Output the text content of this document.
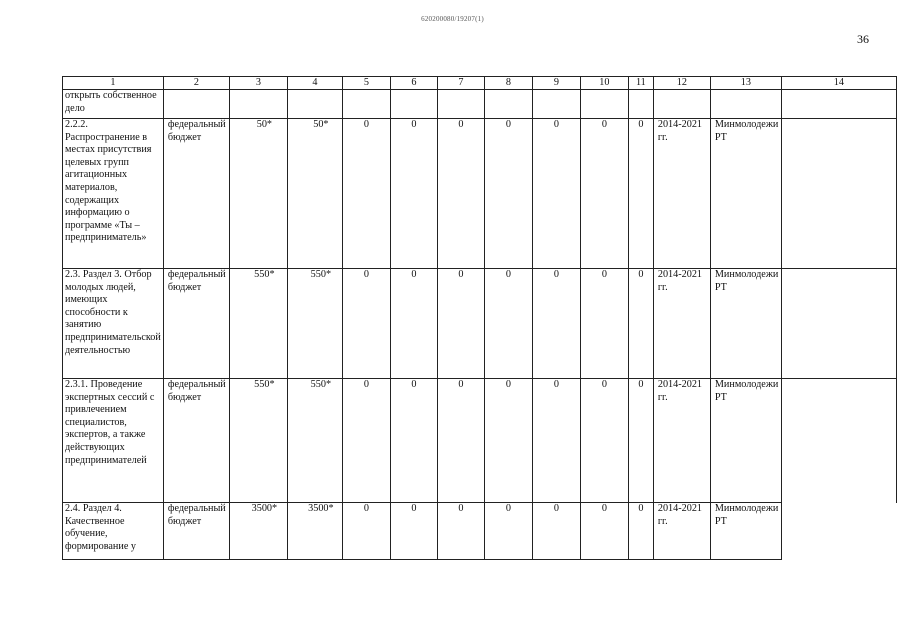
620200080/19207(1)
36
1	2	3	4	5	6	7	8	9	10	11	12	13	14
открыть собственное дело													
2.2.2. Распространение в местах присутствия целевых групп агитационных материалов, содержащих информацию о программе «Ты – предприниматель»	федеральный бюджет	50*	50*	0	0	0	0	0	0	0	2014-2021 гг.	Минмолодежи РТ	
2.3. Раздел 3. Отбор молодых людей, имеющих способности к занятию предпринимательской деятельностью	федеральный бюджет	550*	550*	0	0	0	0	0	0	0	2014-2021 гг.	Минмолодежи РТ	
2.3.1. Проведение экспертных сессий с привлечением специалистов, экспертов, а также действующих предпринимателей	федеральный бюджет	550*	550*	0	0	0	0	0	0	0	2014-2021 гг.	Минмолодежи РТ	
2.4. Раздел 4. Качественное обучение, формирование у	федеральный бюджет	3500*	3500*	0	0	0	0	0	0	0	2014-2021 гг.	Минмолодежи РТ	
